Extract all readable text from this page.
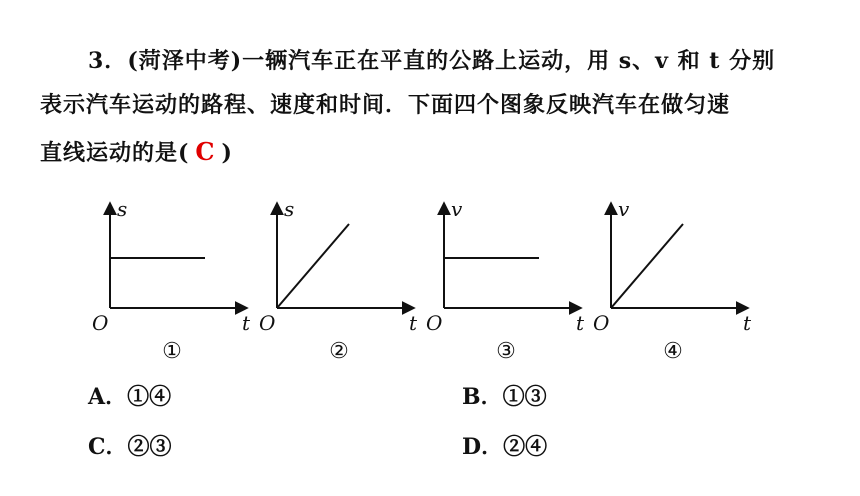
3．(菏泽中考)一辆汽车正在平直的公路上运动，用 s、v 和 t 分别
表示汽车运动的路程、速度和时间．下面四个图象反映汽车在做匀速
直线运动的是( C )
s
t
O
①
s
t
O
②
v
t
O
③
v
t
O
④
A．①④	B．①③
C．②③	D．②④
